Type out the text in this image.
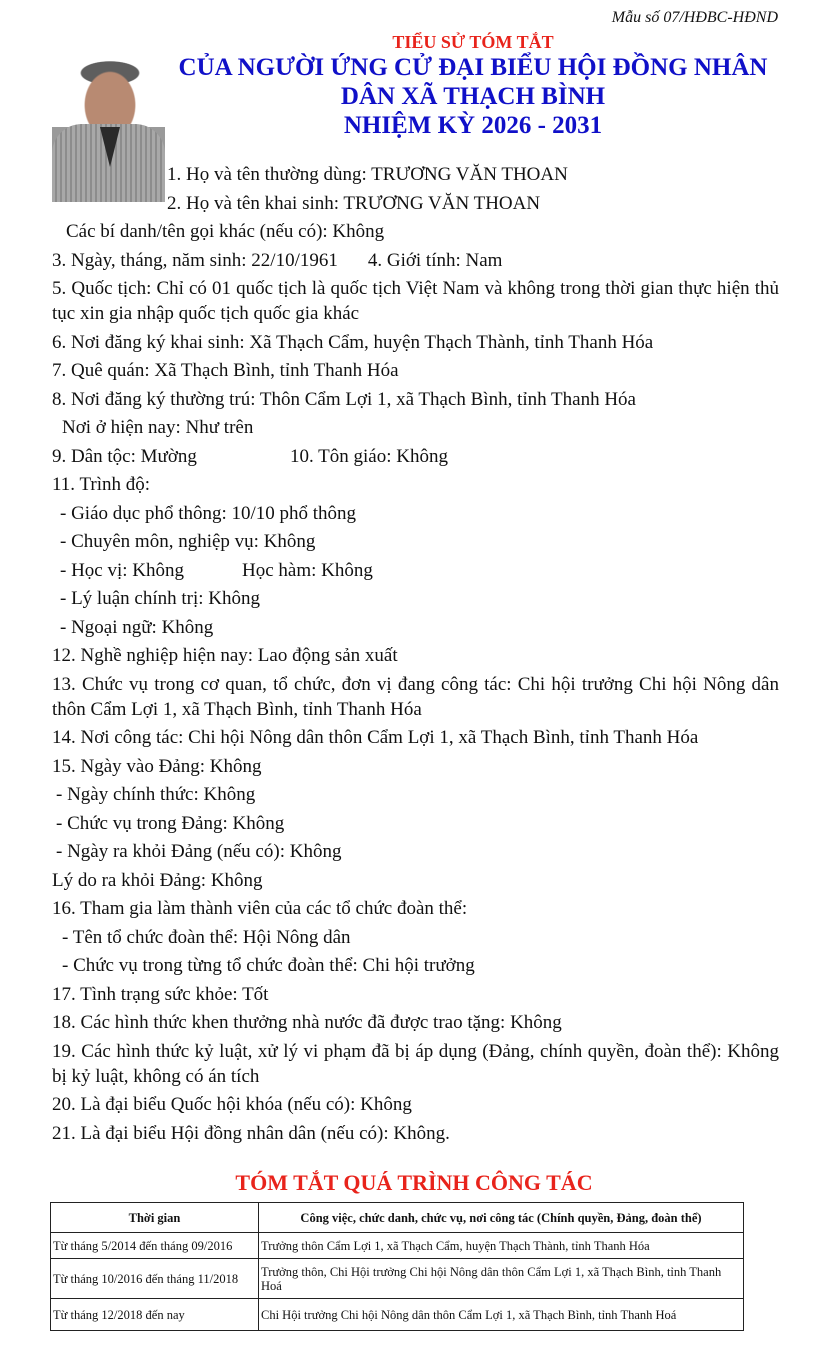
Mẫu số 07/HĐBC-HĐND
TIỂU SỬ TÓM TẮT
CỦA NGƯỜI ỨNG CỬ ĐẠI BIỂU HỘI ĐỒNG NHÂN
DÂN XÃ THẠCH BÌNH
NHIỆM KỲ 2026 - 2031

1. Họ và tên thường dùng: TRƯƠNG VĂN THOAN

2. Họ và tên khai sinh: TRƯƠNG VĂN THOAN

Các bí danh/tên gọi khác (nếu có): Không

3. Ngày, tháng, năm sinh: 22/10/1961 4. Giới tính: Nam

5. Quốc tịch: Chỉ có 01 quốc tịch là quốc tịch Việt Nam và không trong thời gian thực hiện thủ tục xin gia nhập quốc tịch quốc gia khác

6. Nơi đăng ký khai sinh: Xã Thạch Cẩm, huyện Thạch Thành, tỉnh Thanh Hóa

7. Quê quán: Xã Thạch Bình, tỉnh Thanh Hóa

8. Nơi đăng ký thường trú: Thôn Cẩm Lợi 1, xã Thạch Bình, tỉnh Thanh Hóa

Nơi ở hiện nay: Như trên

9. Dân tộc: Mường	10. Tôn giáo: Không

11. Trình độ:

- Giáo dục phổ thông: 10/10 phổ thông

- Chuyên môn, nghiệp vụ: Không

- Học vị: Không	Học hàm: Không

- Lý luận chính trị: Không

- Ngoại ngữ: Không

12. Nghề nghiệp hiện nay: Lao động sản xuất

13. Chức vụ trong cơ quan, tổ chức, đơn vị đang công tác: Chi hội trưởng Chi hội Nông dân thôn Cẩm Lợi 1, xã Thạch Bình, tỉnh Thanh Hóa

14. Nơi công tác: Chi hội Nông dân thôn Cẩm Lợi 1, xã Thạch Bình, tỉnh Thanh Hóa

15. Ngày vào Đảng: Không

- Ngày chính thức: Không

- Chức vụ trong Đảng: Không

- Ngày ra khỏi Đảng (nếu có): Không

Lý do ra khỏi Đảng: Không

16. Tham gia làm thành viên của các tổ chức đoàn thể:

- Tên tổ chức đoàn thể: Hội Nông dân

- Chức vụ trong từng tổ chức đoàn thể: Chi hội trưởng

17. Tình trạng sức khỏe: Tốt

18. Các hình thức khen thưởng nhà nước đã được trao tặng: Không

19. Các hình thức kỷ luật, xử lý vi phạm đã bị áp dụng (Đảng, chính quyền, đoàn thể): Không bị kỷ luật, không có án tích

20. Là đại biểu Quốc hội khóa (nếu có): Không

21. Là đại biểu Hội đồng nhân dân (nếu có): Không.

TÓM TẮT QUÁ TRÌNH CÔNG TÁC
Thời gian	Công việc, chức danh, chức vụ, nơi công tác (Chính quyền, Đảng, đoàn thể)
Từ tháng 5/2014 đến tháng 09/2016	Trưởng thôn Cẩm Lợi 1, xã Thạch Cẩm, huyện Thạch Thành, tỉnh Thanh Hóa
Từ tháng 10/2016 đến tháng 11/2018	Trưởng thôn, Chi Hội trưởng Chi hội Nông dân thôn Cẩm Lợi 1, xã Thạch Bình, tỉnh Thanh Hoá
Từ tháng 12/2018 đến nay	Chi Hội trưởng Chi hội Nông dân thôn Cẩm Lợi 1, xã Thạch Bình, tỉnh Thanh Hoá
